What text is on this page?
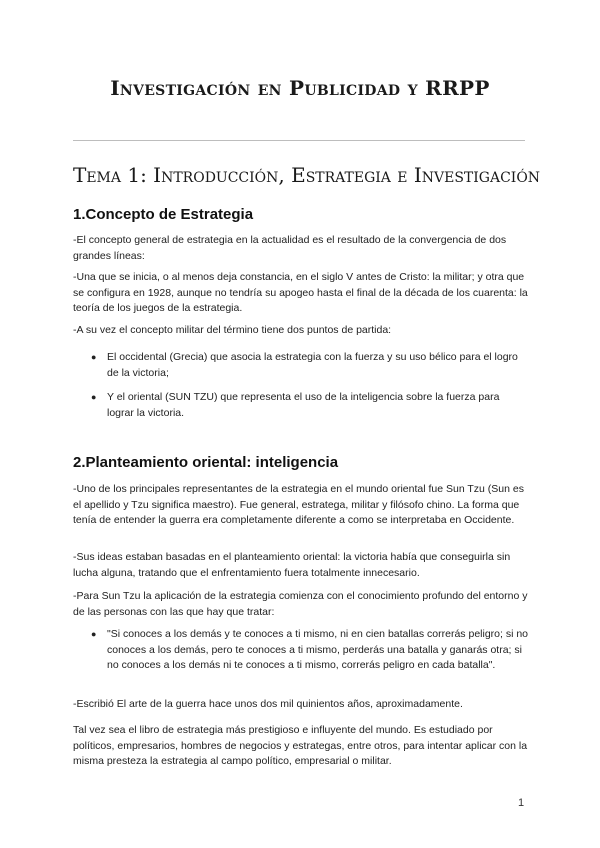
Investigación en Publicidad y RRPP
Tema 1: Introducción, Estrategia e Investigación
1.Concepto de Estrategia

-El concepto general de estrategia en la actualidad es el resultado de la convergencia de dos grandes líneas:

-Una que se inicia, o al menos deja constancia, en el siglo V antes de Cristo: la militar; y otra que se configura en 1928, aunque no tendría su apogeo hasta el final de la década de los cuarenta: la teoría de los juegos de la estrategia.

-A su vez el concepto militar del término tiene dos puntos de partida:

● El occidental (Grecia) que asocia la estrategia con la fuerza y su uso bélico para el logro de la victoria;
● Y el oriental (SUN TZU) que representa el uso de la inteligencia sobre la fuerza para lograr la victoria.
2.Planteamiento oriental: inteligencia

-Uno de los principales representantes de la estrategia en el mundo oriental fue Sun Tzu (Sun es el apellido y Tzu significa maestro). Fue general, estratega, militar y filósofo chino. La forma que tenía de entender la guerra era completamente diferente a como se interpretaba en Occidente.

-Sus ideas estaban basadas en el planteamiento oriental: la victoria había que conseguirla sin lucha alguna, tratando que el enfrentamiento fuera totalmente innecesario.

-Para Sun Tzu la aplicación de la estrategia comienza con el conocimiento profundo del entorno y de las personas con las que hay que tratar:

● "Si conoces a los demás y te conoces a ti mismo, ni en cien batallas correrás peligro; si no conoces a los demás, pero te conoces a ti mismo, perderás una batalla y ganarás otra; si no conoces a los demás ni te conoces a ti mismo, correrás peligro en cada batalla".

-Escribió El arte de la guerra hace unos dos mil quinientos años, aproximadamente.

Tal vez sea el libro de estrategia más prestigioso e influyente del mundo. Es estudiado por políticos, empresarios, hombres de negocios y estrategas, entre otros, para intentar aplicar con la misma presteza la estrategia al campo político, empresarial o militar.

1
